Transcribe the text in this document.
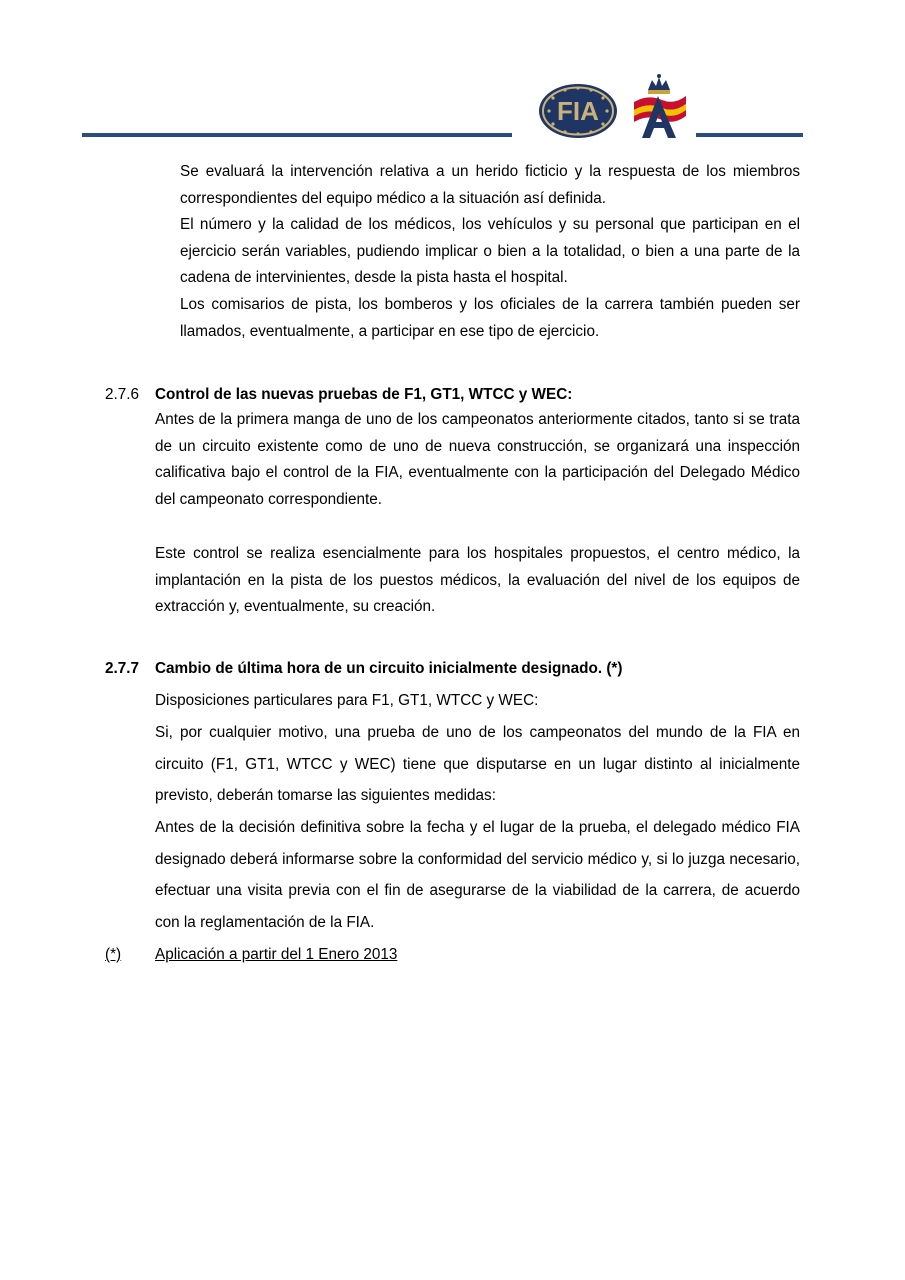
FIA

Se evaluará la intervención relativa a un herido ficticio y la respuesta de los miembros correspondientes del equipo médico a la situación así definida.

El número y la calidad de los médicos, los vehículos y su personal que participan en el ejercicio serán variables, pudiendo implicar o bien a la totalidad, o bien a una parte de la cadena de intervinientes, desde la pista hasta el hospital.

Los comisarios de pista, los bomberos y los oficiales de la carrera también pueden ser llamados, eventualmente, a participar en ese tipo de ejercicio.

2.7.6 Control de las nuevas pruebas de F1, GT1, WTCC y WEC:

Antes de la primera manga de uno de los campeonatos anteriormente citados, tanto si se trata de un circuito existente como de uno de nueva construcción, se organizará una inspección calificativa bajo el control de la FIA, eventualmente con la participación del Delegado Médico del campeonato correspondiente.

Este control se realiza esencialmente para los hospitales propuestos, el centro médico, la implantación en la pista de los puestos médicos, la evaluación del nivel de los equipos de extracción y, eventualmente, su creación.

2.7.7 Cambio de última hora de un circuito inicialmente designado. (*)

Disposiciones particulares para F1, GT1, WTCC y WEC:

Si, por cualquier motivo, una prueba de uno de los campeonatos del mundo de la FIA en circuito (F1, GT1, WTCC y WEC) tiene que disputarse en un lugar distinto al inicialmente previsto, deberán tomarse las siguientes medidas:

Antes de la decisión definitiva sobre la fecha y el lugar de la prueba, el delegado médico FIA designado deberá informarse sobre la conformidad del servicio médico y, si lo juzga necesario, efectuar una visita previa con el fin de asegurarse de la viabilidad de la carrera, de acuerdo con la reglamentación de la FIA.

(*)	Aplicación a partir del 1 Enero 2013
